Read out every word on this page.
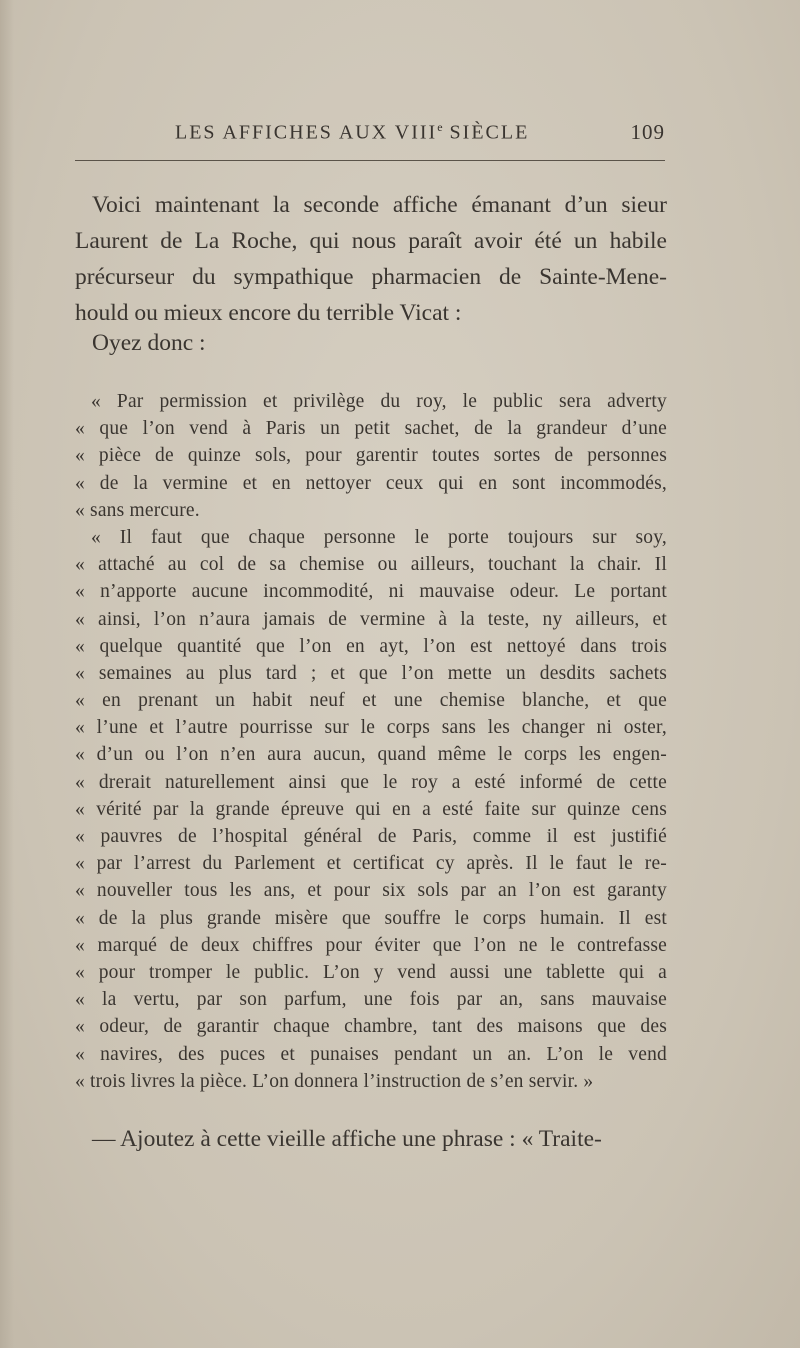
LES AFFICHES AUX VIIIe SIÈCLE	109
Voici maintenant la seconde affiche émanant d’un sieur
Laurent de La Roche, qui nous paraît avoir été un habile
précurseur du sympathique pharmacien de Sainte-Mene-
hould ou mieux encore du terrible Vicat :
Oyez donc :
« Par permission et privilège du roy, le public sera adverty
« que l’on vend à Paris un petit sachet, de la grandeur d’une
« pièce de quinze sols, pour garentir toutes sortes de personnes
« de la vermine et en nettoyer ceux qui en sont incommodés,
« sans mercure.
« Il faut que chaque personne le porte toujours sur soy,
« attaché au col de sa chemise ou ailleurs, touchant la chair. Il
« n’apporte aucune incommodité, ni mauvaise odeur. Le portant
« ainsi, l’on n’aura jamais de vermine à la teste, ny ailleurs, et
« quelque quantité que l’on en ayt, l’on est nettoyé dans trois
« semaines au plus tard ; et que l’on mette un desdits sachets
« en prenant un habit neuf et une chemise blanche, et que
« l’une et l’autre pourrisse sur le corps sans les changer ni oster,
« d’un ou l’on n’en aura aucun, quand même le corps les engen-
« drerait naturellement ainsi que le roy a esté informé de cette
« vérité par la grande épreuve qui en a esté faite sur quinze cens
« pauvres de l’hospital général de Paris, comme il est justifié
« par l’arrest du Parlement et certificat cy après. Il le faut le re-
« nouveller tous les ans, et pour six sols par an l’on est garanty
« de la plus grande misère que souffre le corps humain. Il est
« marqué de deux chiffres pour éviter que l’on ne le contrefasse
« pour tromper le public. L’on y vend aussi une tablette qui a
« la vertu, par son parfum, une fois par an, sans mauvaise
« odeur, de garantir chaque chambre, tant des maisons que des
« navires, des puces et punaises pendant un an. L’on le vend
« trois livres la pièce. L’on donnera l’instruction de s’en servir. »
— Ajoutez à cette vieille affiche une phrase : « Traite-
